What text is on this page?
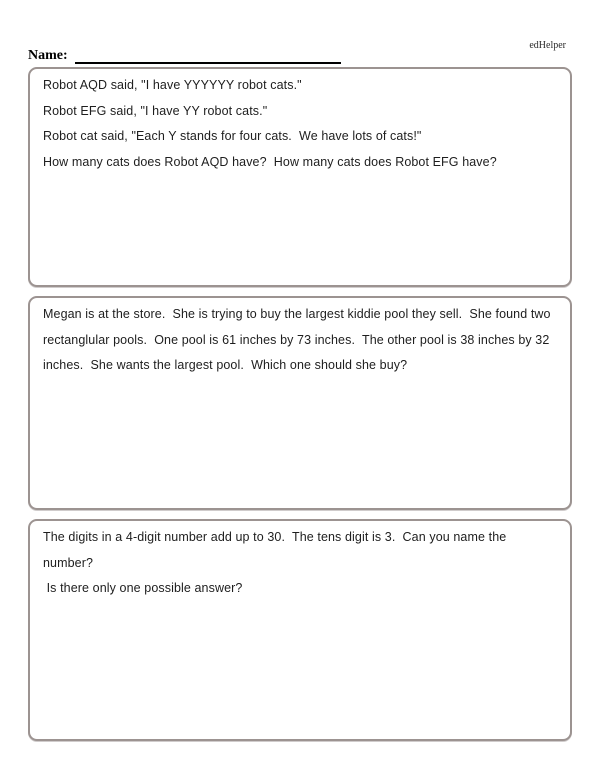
edHelper
Name:
Robot AQD said, "I have YYYYYY robot cats."
Robot EFG said, "I have YY robot cats."
Robot cat said, "Each Y stands for four cats.  We have lots of cats!"
How many cats does Robot AQD have?  How many cats does Robot EFG have?
Megan is at the store.  She is trying to buy the largest kiddie pool they sell.  She found two
rectanglular pools.  One pool is 61 inches by 73 inches.  The other pool is 38 inches by 32
inches.  She wants the largest pool.  Which one should she buy?
The digits in a 4-digit number add up to 30.  The tens digit is 3.  Can you name the number?
Is there only one possible answer?
